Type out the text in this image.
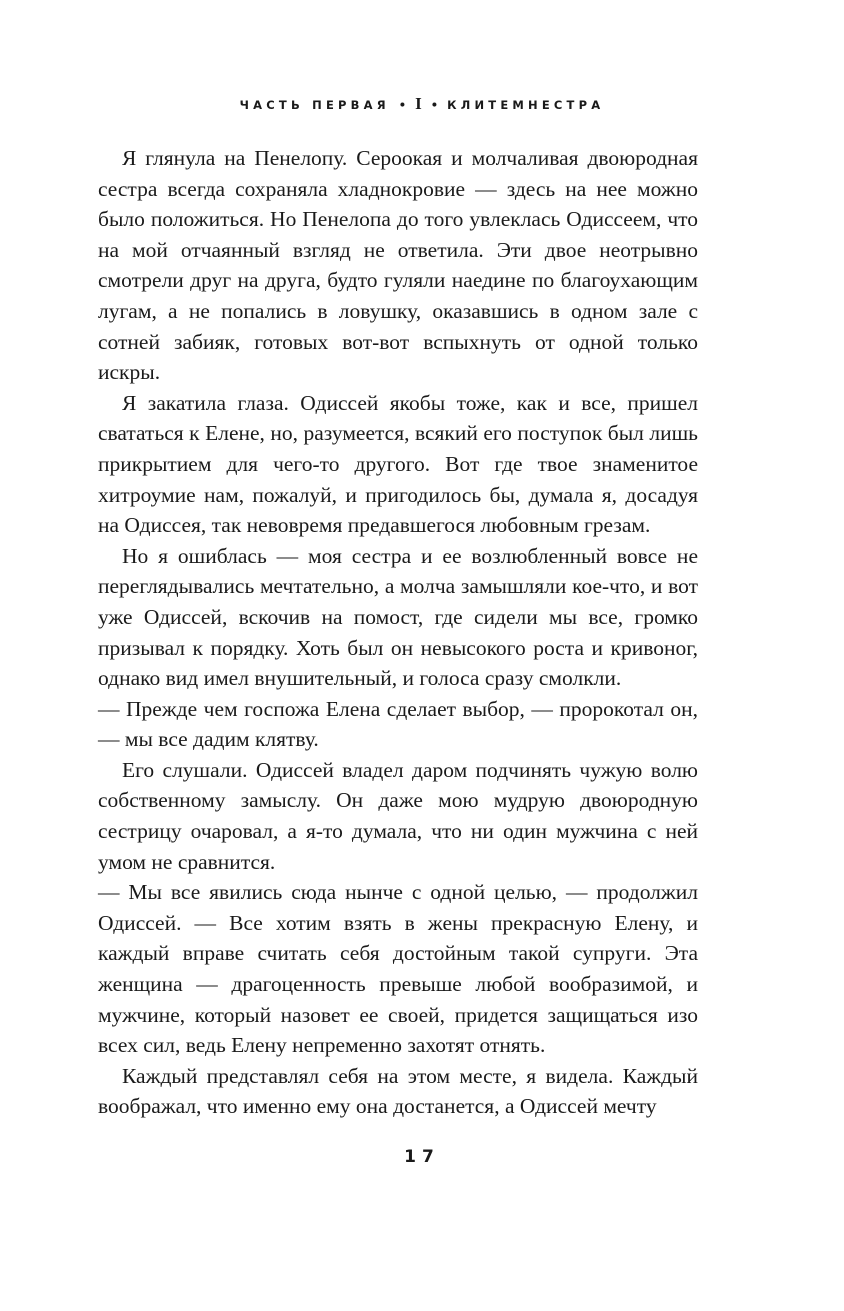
ЧАСТЬ ПЕРВАЯ • I • КЛИТЕМНЕСТРА

Я глянула на Пенелопу. Сероокая и молчаливая двоюродная сестра всегда сохраняла хладнокровие — здесь на нее можно было положиться. Но Пенелопа до того увлеклась Одиссеем, что на мой отчаянный взгляд не ответила. Эти двое неотрывно смотрели друг на друга, будто гуляли наедине по благоухающим лугам, а не попались в ловушку, оказавшись в одном зале с сотней забияк, готовых вот-вот вспыхнуть от одной только искры.

Я закатила глаза. Одиссей якобы тоже, как и все, пришел свататься к Елене, но, разумеется, всякий его поступок был лишь прикрытием для чего-то другого. Вот где твое знаменитое хитроумие нам, пожалуй, и пригодилось бы, думала я, досадуя на Одиссея, так невовремя предавшегося любовным грезам.

Но я ошиблась — моя сестра и ее возлюбленный вовсе не переглядывались мечтательно, а молча замышляли кое-что, и вот уже Одиссей, вскочив на помост, где сидели мы все, громко призывал к порядку. Хоть был он невысокого роста и кривоног, однако вид имел внушительный, и голоса сразу смолкли.

— Прежде чем госпожа Елена сделает выбор, — пророкотал он, — мы все дадим клятву.

Его слушали. Одиссей владел даром подчинять чужую волю собственному замыслу. Он даже мою мудрую двоюродную сестрицу очаровал, а я-то думала, что ни один мужчина с ней умом не сравнится.

— Мы все явились сюда нынче с одной целью, — продолжил Одиссей. — Все хотим взять в жены прекрасную Елену, и каждый вправе считать себя достойным такой супруги. Эта женщина — драгоценность превыше любой вообразимой, и мужчине, который назовет ее своей, придется защищаться изо всех сил, ведь Елену непременно захотят отнять.

Каждый представлял себя на этом месте, я видела. Каждый воображал, что именно ему она достанется, а Одиссей мечту

17
